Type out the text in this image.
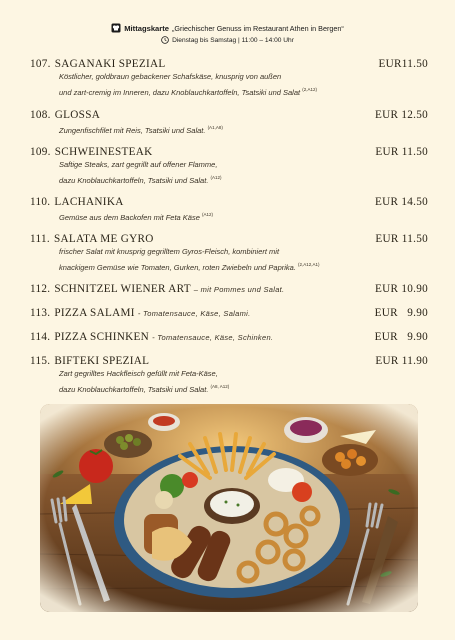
Mittagskarte „Griechischer Genuss im Restaurant Athen in Bergen“
Dienstag bis Samstag | 11:00 – 14:00 Uhr
107. SAGANAKI SPEZIAL	EUR11.50
Köstlicher, goldbraun gebackener Schafskäse, knusprig von außen
und zart-cremig im Inneren, dazu Knoblauchkartoffeln, Tsatsiki und Salat $^{(2,A12)}$
108. GLOSSA	EUR 12.50
Zungenfischfilet mit Reis, Tsatsiki und Salat. $^{(A1,A8)}$
109. SCHWEINESTEAK	EUR 11.50
Saftige Steaks, zart gegrillt auf offener Flamme,
dazu Knoblauchkartoffeln, Tsatsiki und Salat. $^{(A12)}$
110. LACHANIKA	EUR 14.50
Gemüse aus dem Backofen mit Feta Käse $^{(A12)}$
111. SALATA ME GYRO	EUR 11.50
frischer Salat mit knusprig gegrilltem Gyros-Fleisch, kombiniert mit
knackigem Gemüse wie Tomaten, Gurken, roten Zwiebeln und Paprika. $^{(2,A12,A1)}$
112. SCHNITZEL WIENER ART – mit Pommes und Salat.	EUR 10.90
113. PIZZA SALAMI - Tomatensauce, Käse, Salami.	EUR   9.90
114. PIZZA SCHINKEN - Tomatensauce, Käse, Schinken.	EUR   9.90
115. BIFTEKI SPEZIAL	EUR 11.90
Zart gegrilltes Hackfleisch gefüllt mit Feta-Käse,
dazu Knoblauchkartoffeln, Tsatsiki und Salat. $^{(A8, A12)}$
